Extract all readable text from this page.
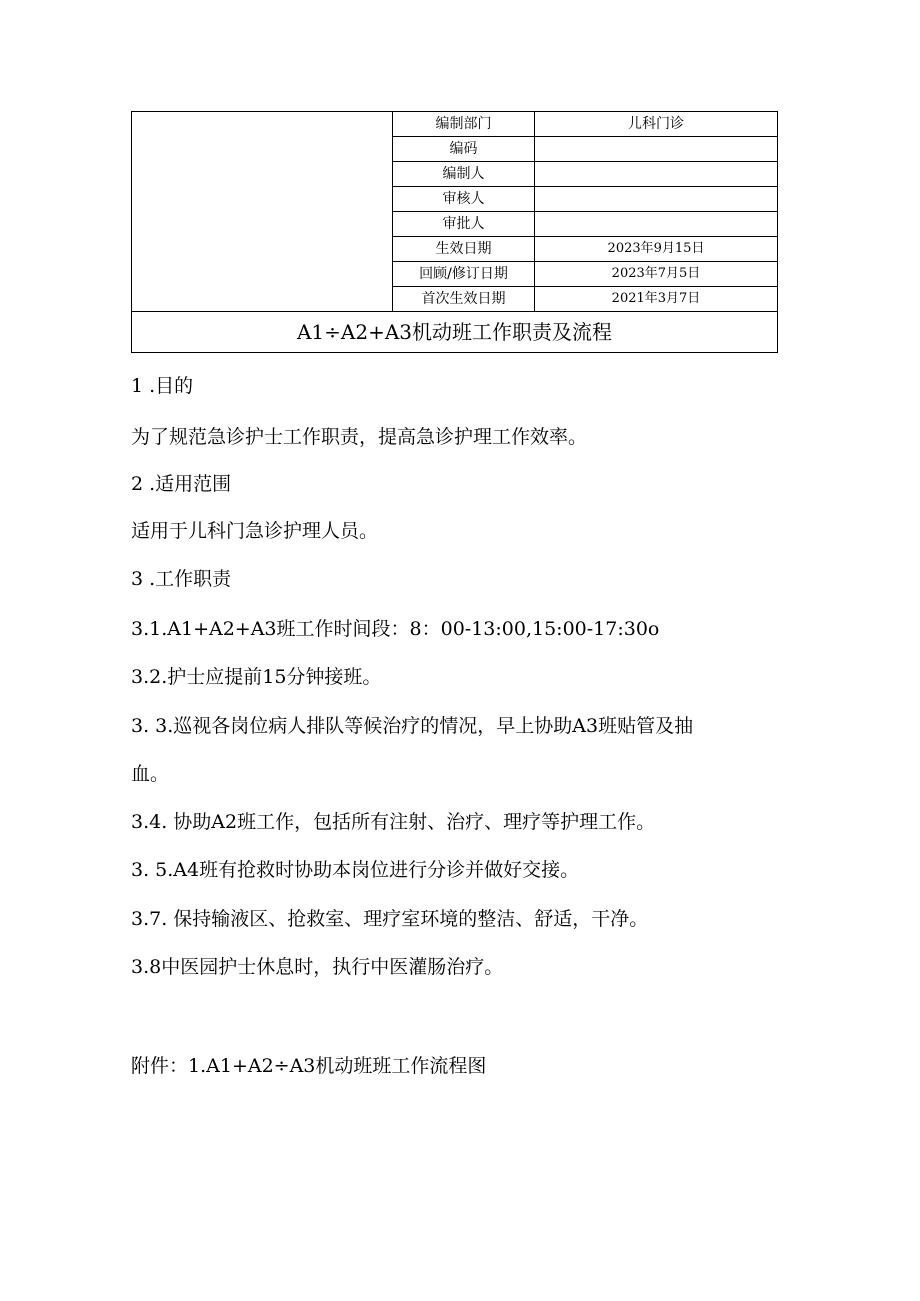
	编制部门	儿科门诊
	编码	
	编制人	
	审核人	
	审批人	
	生效日期	2023年9月15日
	回顾/修订日期	2023年7月5日
	首次生效日期	2021年3月7日
A1÷A2+A3机动班工作职责及流程		
1 .目的
为了规范急诊护士工作职责，提高急诊护理工作效率。
2 .适用范围
适用于儿科门急诊护理人员。
3 .工作职责
3.1.A1+A2+A3班工作时间段：8：00-13:00,15:00-17:30o
3.2.护士应提前15分钟接班。
3. 3.巡视各岗位病人排队等候治疗的情况，早上协助A3班贴管及抽
血。
3.4. 协助A2班工作，包括所有注射、治疗、理疗等护理工作。
3. 5.A4班有抢救时协助本岗位进行分诊并做好交接。
3.7. 保持输液区、抢救室、理疗室环境的整洁、舒适，干净。
3.8中医园护士休息时，执行中医灌肠治疗。
附件：1.A1+A2÷A3机动班班工作流程图
